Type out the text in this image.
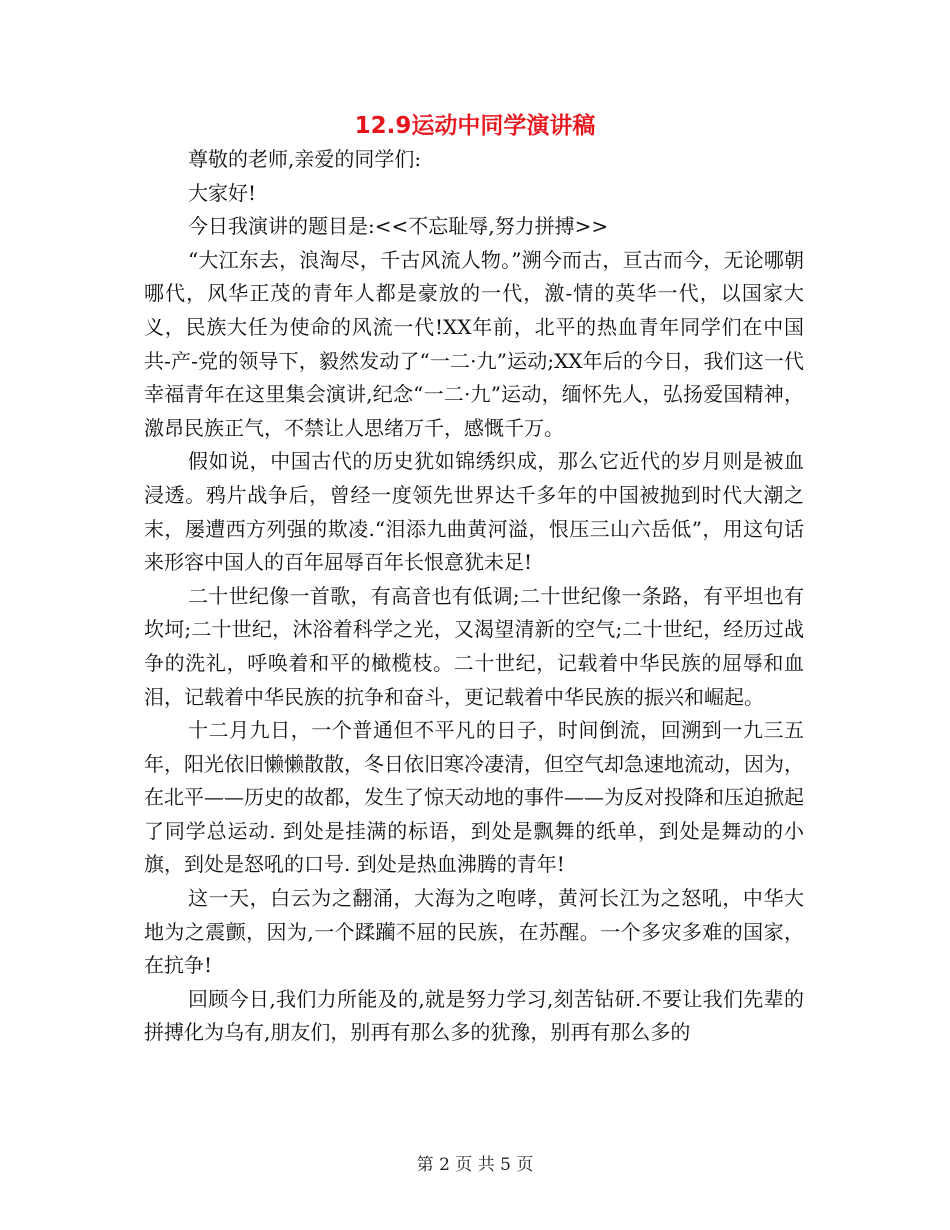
12.9运动中同学演讲稿

尊敬的老师,亲爱的同学们:

大家好!

今日我演讲的题目是:<<不忘耻辱,努力拼搏>>

“大江东去，浪淘尽，千古风流人物。”溯今而古，亘古而今，无论哪朝哪代，风华正茂的青年人都是豪放的一代，激-情的英华一代，以国家大义，民族大任为使命的风流一代!XX年前，北平的热血青年同学们在中国共-产-党的领导下，毅然发动了“一二·九”运动;XX年后的今日，我们这一代幸福青年在这里集会演讲,纪念“一二·九”运动，缅怀先人，弘扬爱国精神，激昂民族正气，不禁让人思绪万千，感慨千万。

假如说，中国古代的历史犹如锦绣织成，那么它近代的岁月则是被血浸透。鸦片战争后，曾经一度领先世界达千多年的中国被抛到时代大潮之末，屡遭西方列强的欺凌.“泪添九曲黄河溢，恨压三山六岳低”，用这句话来形容中国人的百年屈辱百年长恨意犹未足!

二十世纪像一首歌，有高音也有低调;二十世纪像一条路，有平坦也有坎坷;二十世纪，沐浴着科学之光，又渴望清新的空气;二十世纪，经历过战争的洗礼，呼唤着和平的橄榄枝。二十世纪，记载着中华民族的屈辱和血泪，记载着中华民族的抗争和奋斗，更记载着中华民族的振兴和崛起。

十二月九日，一个普通但不平凡的日子，时间倒流，回溯到一九三五年，阳光依旧懒懒散散，冬日依旧寒冷凄清，但空气却急速地流动，因为，在北平——历史的故都，发生了惊天动地的事件——为反对投降和压迫掀起了同学总运动. 到处是挂满的标语，到处是飘舞的纸单，到处是舞动的小旗，到处是怒吼的口号. 到处是热血沸腾的青年!

这一天，白云为之翻涌，大海为之咆哮，黄河长江为之怒吼，中华大地为之震颤，因为,一个蹂躏不屈的民族，在苏醒。一个多灾多难的国家，在抗争!

回顾今日,我们力所能及的,就是努力学习,刻苦钻研.不要让我们先辈的拼搏化为乌有,朋友们，别再有那么多的犹豫，别再有那么多的

第 2 页 共 5 页
